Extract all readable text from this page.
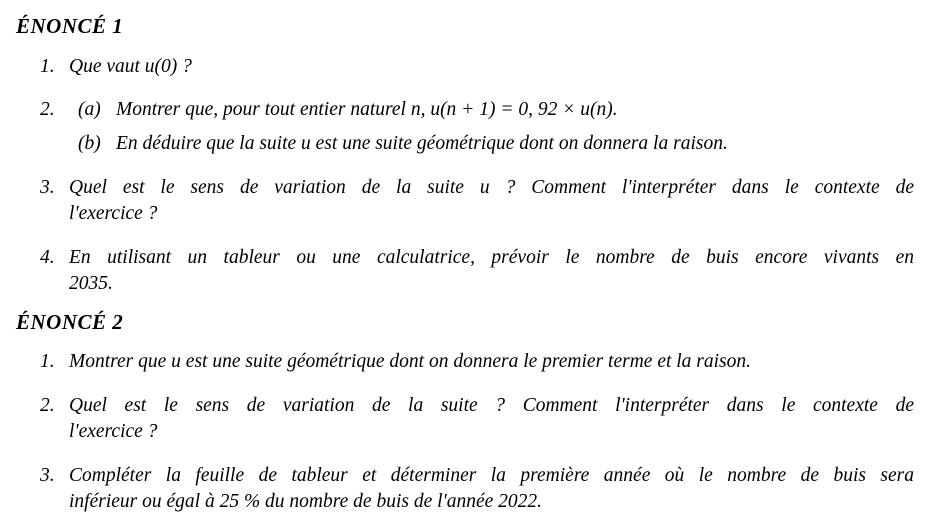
ÉNONCÉ 1
1. Que vaut u(0) ?
2. (a) Montrer que, pour tout entier naturel n, u(n + 1) = 0, 92 × u(n).
(b) En déduire que la suite u est une suite géométrique dont on donnera la raison.
3. Quel est le sens de variation de la suite u ? Comment l'interpréter dans le contexte de
l'exercice ?
4. En utilisant un tableur ou une calculatrice, prévoir le nombre de buis encore vivants en
2035.
ÉNONCÉ 2
1. Montrer que u est une suite géométrique dont on donnera le premier terme et la raison.
2. Quel est le sens de variation de la suite ? Comment l'interpréter dans le contexte de
l'exercice ?
3. Compléter la feuille de tableur et déterminer la première année où le nombre de buis sera
inférieur ou égal à 25 % du nombre de buis de l'année 2022.
